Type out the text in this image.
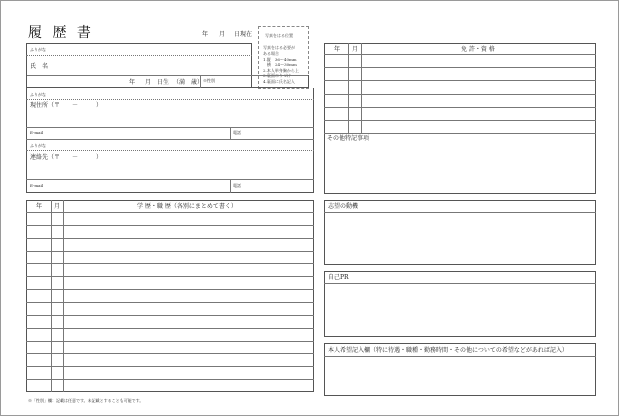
履 歴 書	年 月 日現在	写真をはる位置
写真をはる必要が
ある場合
1.縦　36～40mm
　横　24～30mm
2.本人単身胸から上
3.裏面のりづけ
4.裏面に氏名記入
ふりがな
氏　名
年 月 日生 （満 歳） ※性別
ふりがな
現住所（〒　　－　　　）
E-mail	電話
ふりがな
連絡先（〒　　－　　　）
E-mail	電話
年 月	学 歴・職 歴（各別にまとめて書く）
年 月	免 許・資 格
その他特記事項
志望の動機
自己PR
本人希望記入欄（特に待遇・職種・勤務時間・その他についての希望などがあれば記入）
※「性別」欄：記載は任意です。未記載とすることも可能です。
